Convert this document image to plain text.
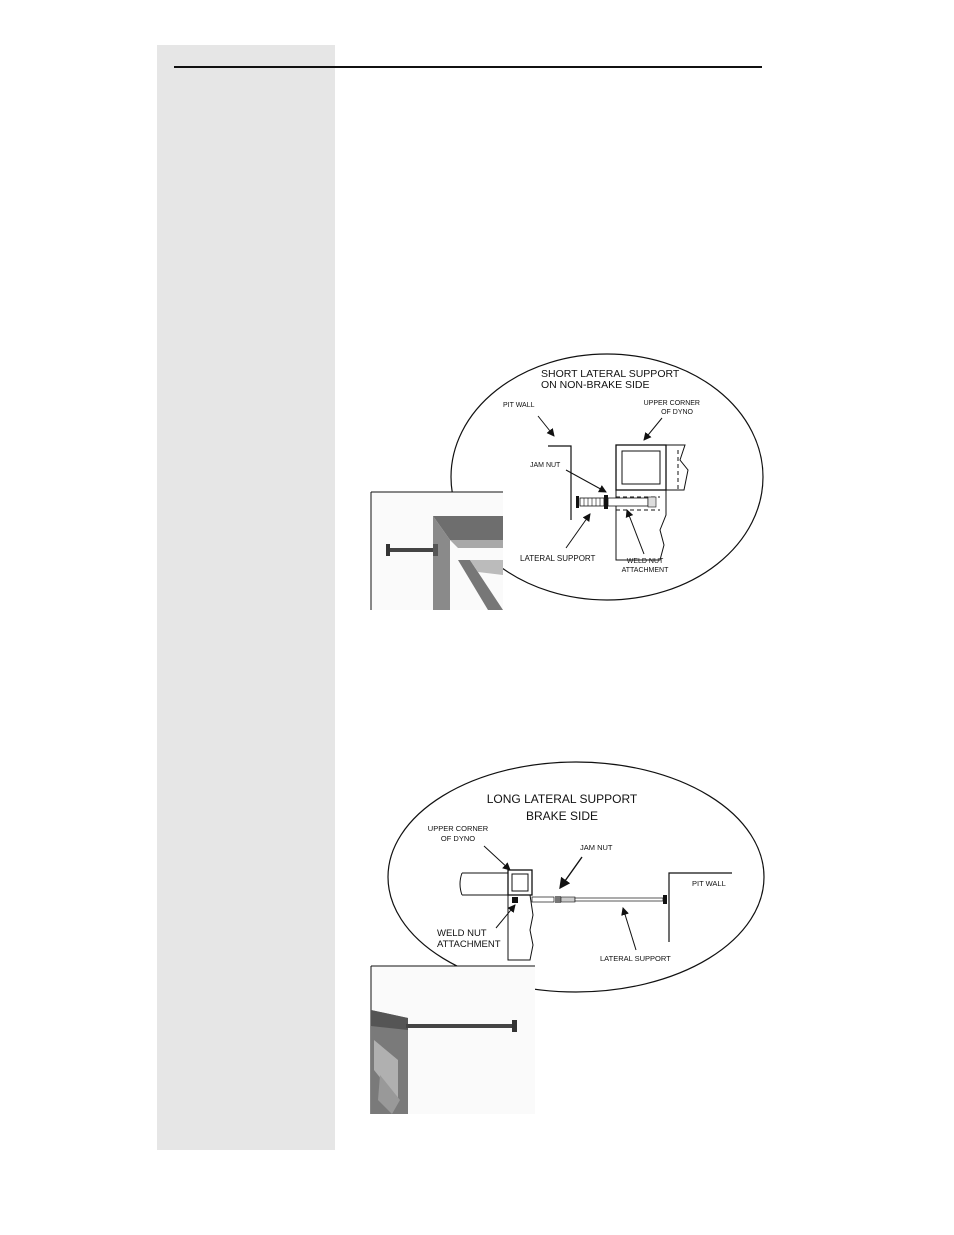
SHORT LATERAL SUPPORT
ON NON-BRAKE SIDE
PIT WALL	UPPER CORNER
OF DYNO
JAM NUT
LATERAL SUPPORT	WELD NUT
ATTACHMENT
LONG LATERAL SUPPORT
BRAKE SIDE
UPPER CORNER
OF DYNO
JAM NUT
PIT WALL
WELD NUT
ATTACHMENT
LATERAL SUPPORT
